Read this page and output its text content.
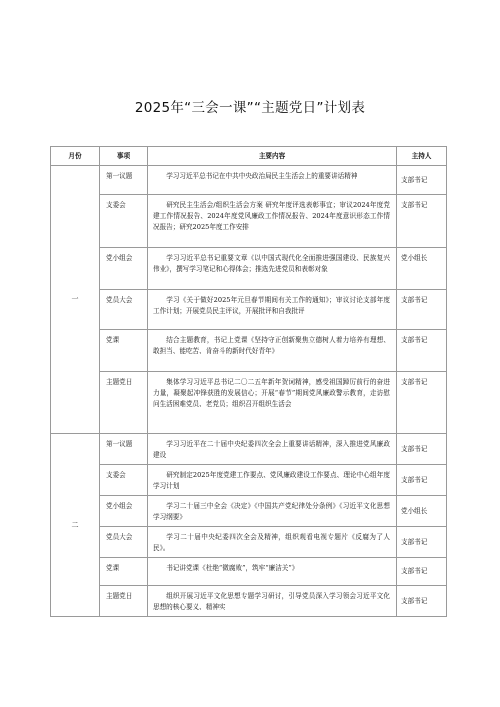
2025年“三会一课”“主题党日”计划表
月份	事项	主要内容	主持人
一	第一议题	学习习近平总书记在中共中央政治局民主生活会上的重要讲话精神	支部书记
	支委会	研究民主生活会/组织生活会方案 研究年度评选表彰事宜；审议2024年度党建工作情况报告、2024年度党风廉政工作情况报告、2024年度意识形态工作情况报告；研究2025年度工作安排	支部书记
	党小组会	学习习近平总书记重要文章《以中国式现代化全面推进强国建设、民族复兴伟业》，撰写学习笔记和心得体会；推选先进党员和表彰对象	党小组长
	党员大会	学习《关于做好2025年元旦春节期间有关工作的通知》；审议讨论支部年度工作计划；开展党员民主评议，开展批评和自我批评	支部书记
	党课	结合主题教育，书记上党课《坚持守正创新聚焦立德树人着力培养有理想、敢担当、能吃苦、肯奋斗的新时代好青年》	支部书记
	主题党日	集体学习习近平总书记二〇二五年新年贺词精神，感受祖国踔厉前行的奋进力量，凝聚起冲锋获胜的发展信心；开展“春节”期间党风廉政警示教育，走访慰问生活困难党员、老党员；组织召开组织生活会	支部书记
二	第一议题	学习习近平在二十届中央纪委四次全会上重要讲话精神，深入推进党风廉政建设	支部书记
	支委会	研究制定2025年度党建工作要点、党风廉政建设工作要点、理论中心组年度学习计划	支部书记
	党小组会	学习二十届三中全会《决定》《中国共产党纪律处分条例》《习近平文化思想学习纲要》	党小组长
	党员大会	学习二十届中央纪委四次全会及精神，组织观看电视专题片《反腐为了人民》。	支部书记
	党课	书记讲党课《杜绝“微腐败”，筑牢“廉洁关”》	支部书记
	主题党日	组织开展习近平文化思想专题学习研讨，引导党员深入学习领会习近平文化思想的核心要义、精神实	支部书记
